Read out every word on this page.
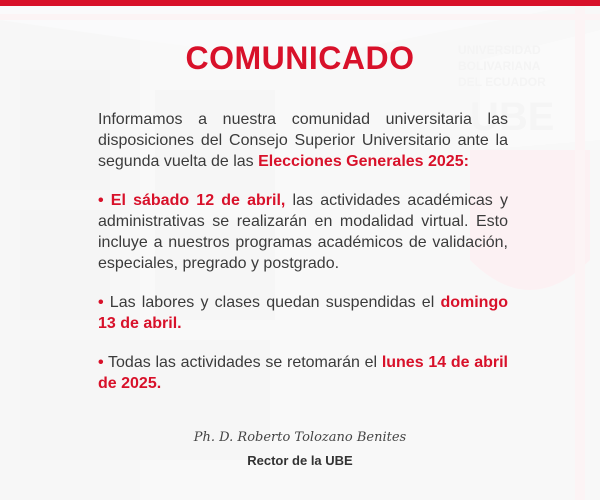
COMUNICADO

Informamos a nuestra comunidad universitaria las disposiciones del Consejo Superior Universitario ante la segunda vuelta de las Elecciones Generales 2025:

• El sábado 12 de abril, las actividades académicas y administrativas se realizarán en modalidad virtual. Esto incluye a nuestros programas académicos de validación, especiales, pregrado y postgrado.

• Las labores y clases quedan suspendidas el domingo 13 de abril.

• Todas las actividades se retomarán el lunes 14 de abril de 2025.

Ph. D. Roberto Tolozano Benites
Rector de la UBE
